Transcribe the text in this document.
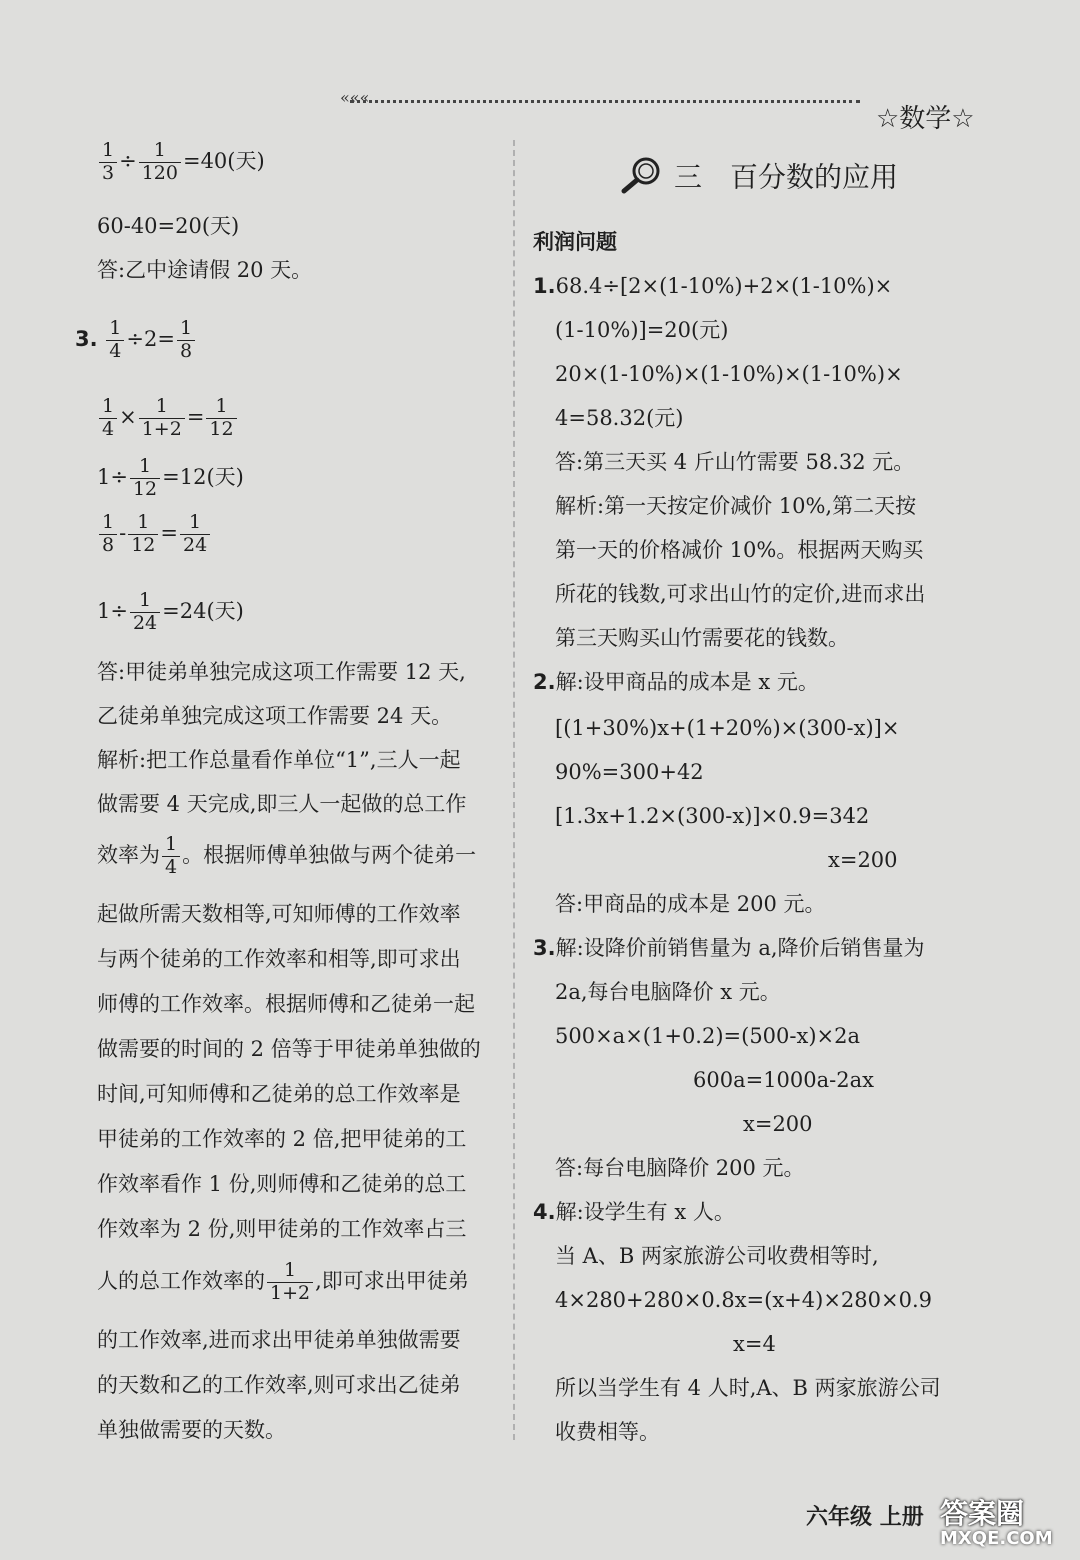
«««
☆数学☆
$\frac{1}{3} \div \frac{1}{120} =40$(天)
60-40=20(天)
答:乙中途请假 20 天。
3. $\frac{1}{4} \div 2= \frac{1}{8}$
$\frac{1}{4} \times \frac{1}{1+2} = \frac{1}{12}$
$1\div \frac{1}{12} =12$(天)
$\frac{1}{8} - \frac{1}{12} = \frac{1}{24}$
$1\div \frac{1}{24} =24$(天)
答:甲徒弟单独完成这项工作需要 12 天,
乙徒弟单独完成这项工作需要 24 天。
解析:把工作总量看作单位“1”,三人一起
做需要 4 天完成,即三人一起做的总工作
效率为 $\frac{1}{4}$ 。根据师傅单独做与两个徒弟一
起做所需天数相等,可知师傅的工作效率
与两个徒弟的工作效率和相等,即可求出
师傅的工作效率。根据师傅和乙徒弟一起
做需要的时间的 2 倍等于甲徒弟单独做的
时间,可知师傅和乙徒弟的总工作效率是
甲徒弟的工作效率的 2 倍,把甲徒弟的工
作效率看作 1 份,则师傅和乙徒弟的总工
作效率为 2 份,则甲徒弟的工作效率占三
人的总工作效率的 $\frac{1}{1+2}$ ,即可求出甲徒弟
的工作效率,进而求出甲徒弟单独做需要
的天数和乙的工作效率,则可求出乙徒弟
单独做需要的天数。
三　百分数的应用
利润问题
1.68.4÷[2×(1-10%)+2×(1-10%)×
(1-10%)]=20(元)
20×(1-10%)×(1-10%)×(1-10%)×
4=58.32(元)
答:第三天买 4 斤山竹需要 58.32 元。
解析:第一天按定价减价 10%,第二天按
第一天的价格减价 10%。根据两天购买
所花的钱数,可求出山竹的定价,进而求出
第三天购买山竹需要花的钱数。
2.解:设甲商品的成本是 x 元。
[(1+30%)x+(1+20%)×(300-x)]×
90%=300+42
[1.3x+1.2×(300-x)]×0.9=342
x=200
答:甲商品的成本是 200 元。
3.解:设降价前销售量为 a,降价后销售量为
2a,每台电脑降价 x 元。
500×a×(1+0.2)=(500-x)×2a
600a=1000a-2ax
x=200
答:每台电脑降价 200 元。
4.解:设学生有 x 人。
当 A、B 两家旅游公司收费相等时,
4×280+280×0.8x=(x+4)×280×0.9
x=4
所以当学生有 4 人时,A、B 两家旅游公司
收费相等。
六年级 上册 答案圈
MXQE.COM
